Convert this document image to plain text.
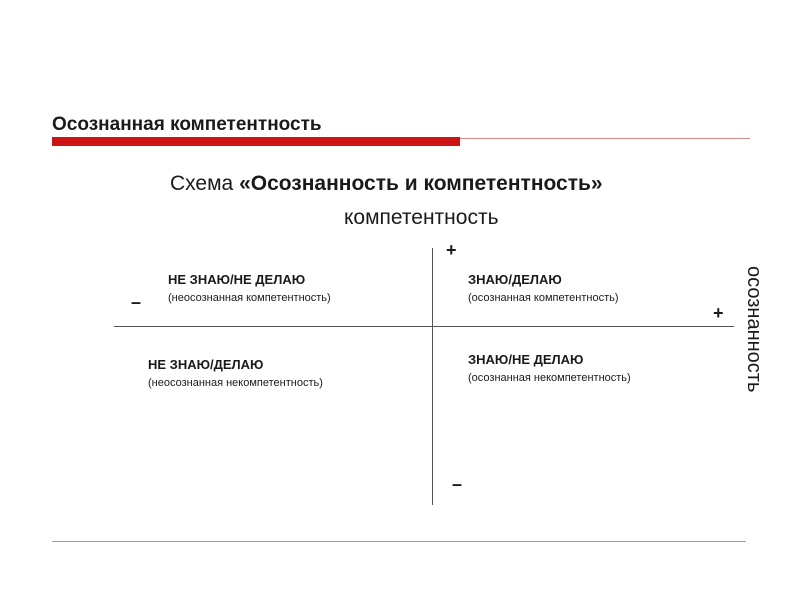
Осознанная компетентность
Схема «Осознанность и компетентность»
компетентность
осознанность
+
–
–
+
НЕ ЗНАЮ/НЕ ДЕЛАЮ
(неосознанная компетентность)
ЗНАЮ/ДЕЛАЮ
(осознанная компетентность)
НЕ ЗНАЮ/ДЕЛАЮ
(неосознанная некомпетентность)
ЗНАЮ/НЕ ДЕЛАЮ
(осознанная некомпетентность)
